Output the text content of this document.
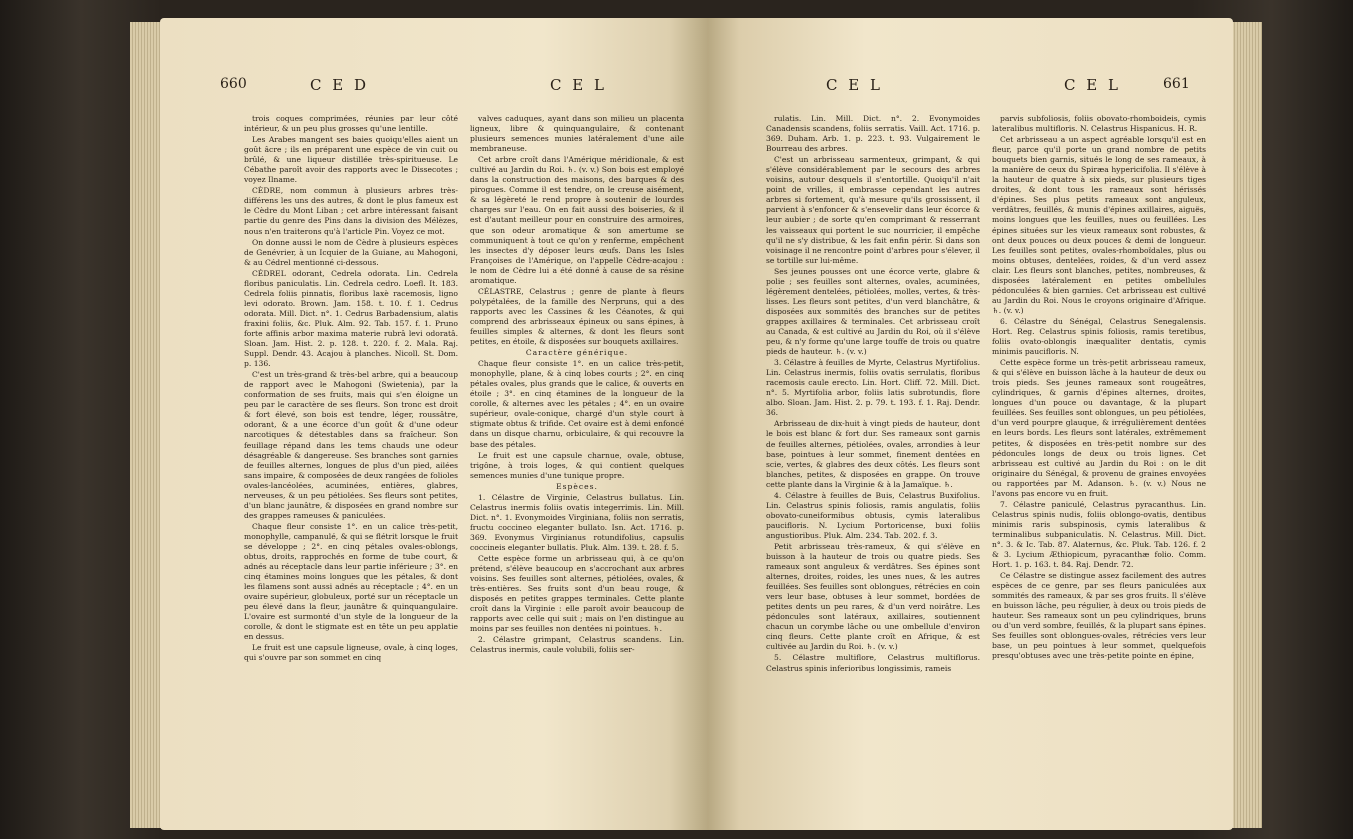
660	C E D	C E L

trois coques comprimées, réunies par leur côté intérieur, & un peu plus grosses qu'une lentille.

Les Arabes mangent ses baies quoiqu'elles aient un goût âcre ; ils en préparent une espèce de vin cuit ou brûlé, & une liqueur distillée très-spiritueuse. Le Cébathe paroît avoir des rapports avec le Dissecotes ; voyez Ilname.

CÈDRE, nom commun à plusieurs arbres très-différens les uns des autres, & dont le plus fameux est le Cèdre du Mont Liban ; cet arbre intéressant faisant partie du genre des Pins dans la division des Mélèzes, nous n'en traiterons qu'à l'article Pin. Voyez ce mot.

On donne aussi le nom de Cèdre à plusieurs espèces de Genévrier, à un Icquier de la Guiane, au Mahogoni, & au Cédrel mentionné ci-dessous.

CÉDREL odorant, Cedrela odorata. Lin. Cedrela floribus paniculatis. Lin. Cedrela cedro. Loefl. It. 183. Cedrela foliis pinnatis, floribus laxè racemosis, ligno levi odorato. Brown. Jam. 158. t. 10. f. 1. Cedrus odorata. Mill. Dict. n°. 1. Cedrus Barbadensium, alatis fraxini foliis, &c. Pluk. Alm. 92. Tab. 157. f. 1. Pruno forte affinis arbor maxima materie rubrâ levi odoratâ. Sloan. Jam. Hist. 2. p. 128. t. 220. f. 2. Mala. Raj. Suppl. Dendr. 43. Acajou à planches. Nicoll. St. Dom. p. 136.

C'est un très-grand & très-bel arbre, qui a beaucoup de rapport avec le Mahogoni (Swietenia), par la conformation de ses fruits, mais qui s'en éloigne un peu par le caractère de ses fleurs. Son tronc est droit & fort élevé, son bois est tendre, léger, roussâtre, odorant, & a une écorce d'un goût & d'une odeur narcotiques & détestables dans sa fraîcheur. Son feuillage répand dans les tems chauds une odeur désagréable & dangereuse. Ses branches sont garnies de feuilles alternes, longues de plus d'un pied, ailées sans impaire, & composées de deux rangées de folioles ovales-lancéolées, acuminées, entières, glabres, nerveuses, & un peu pétiolées. Ses fleurs sont petites, d'un blanc jaunâtre, & disposées en grand nombre sur des grappes rameuses & paniculées.

Chaque fleur consiste 1°. en un calice très-petit, monophylle, campanulé, & qui se flétrit lorsque le fruit se développe ; 2°. en cinq pétales ovales-oblongs, obtus, droits, rapprochés en forme de tube court, & adnés au réceptacle dans leur partie inférieure ; 3°. en cinq étamines moins longues que les pétales, & dont les filamens sont aussi adnés au réceptacle ; 4°. en un ovaire supérieur, globuleux, porté sur un réceptacle un peu élevé dans la fleur, jaunâtre & quinquangulaire. L'ovaire est surmonté d'un style de la longueur de la corolle, & dont le stigmate est en tête un peu applatie en dessus.

Le fruit est une capsule ligneuse, ovale, à cinq loges, qui s'ouvre par son sommet en cinq

valves caduques, ayant dans son milieu un placenta ligneux, libre & quinquangulaire, & contenant plusieurs semences munies latéralement d'une aile membraneuse.

Cet arbre croît dans l'Amérique méridionale, & est cultivé au Jardin du Roi. ♄. (v. v.) Son bois est employé dans la construction des maisons, des barques & des pirogues. Comme il est tendre, on le creuse aisément, & sa légèreté le rend propre à soutenir de lourdes charges sur l'eau. On en fait aussi des boiseries, & il est d'autant meilleur pour en construire des armoires, que son odeur aromatique & son amertume se communiquent à tout ce qu'on y renferme, empêchent les insectes d'y déposer leurs œufs. Dans les Isles Françoises de l'Amérique, on l'appelle Cèdre-acajou : le nom de Cèdre lui a été donné à cause de sa résine aromatique.

CÉLASTRE, Celastrus ; genre de plante à fleurs polypétalées, de la famille des Nerpruns, qui a des rapports avec les Cassines & les Céanotes, & qui comprend des arbrisseaux épineux ou sans épines, à feuilles simples & alternes, & dont les fleurs sont petites, en étoile, & disposées sur bouquets axillaires.

Caractère générique.

Chaque fleur consiste 1°. en un calice très-petit, monophylle, plane, & à cinq lobes courts ; 2°. en cinq pétales ovales, plus grands que le calice, & ouverts en étoile ; 3°. en cinq étamines de la longueur de la corolle, & alternes avec les pétales ; 4°. en un ovaire supérieur, ovale-conique, chargé d'un style court à stigmate obtus & trifide. Cet ovaire est à demi enfoncé dans un disque charnu, orbiculaire, & qui recouvre la base des pétales.

Le fruit est une capsule charnue, ovale, obtuse, trigône, à trois loges, & qui contient quelques semences munies d'une tunique propre.

Espèces.

1. Célastre de Virginie, Celastrus bullatus. Lin. Celastrus inermis foliis ovatis integerrimis. Lin. Mill. Dict. n°. 1. Evonymoides Virginiana, foliis non serratis, fructu coccineo eleganter bullato. Isn. Act. 1716. p. 369. Evonymus Virginianus rotundifolius, capsulis coccineis eleganter bullatis. Pluk. Alm. 139. t. 28. f. 5.

Cette espèce forme un arbrisseau qui, à ce qu'on prétend, s'élève beaucoup en s'accrochant aux arbres voisins. Ses feuilles sont alternes, pétiolées, ovales, & très-entières. Ses fruits sont d'un beau rouge, & disposés en petites grappes terminales. Cette plante croît dans la Virginie : elle paroît avoir beaucoup de rapports avec celle qui suit ; mais on l'en distingue au moins par ses feuilles non dentées ni pointues. ♄.

2. Célastre grimpant, Celastrus scandens. Lin. Celastrus inermis, caule volubili, foliis ser-

C E L	C E L	661

rulatis. Lin. Mill. Dict. n°. 2. Evonymoides Canadensis scandens, foliis serratis. Vaill. Act. 1716. p. 369. Duham. Arb. 1. p. 223. t. 93. Vulgairement le Bourreau des arbres.

C'est un arbrisseau sarmenteux, grimpant, & qui s'élève considérablement par le secours des arbres voisins, autour desquels il s'entortille. Quoiqu'il n'ait point de vrilles, il embrasse cependant les autres arbres si fortement, qu'à mesure qu'ils grossissent, il parvient à s'enfoncer & s'ensevelir dans leur écorce & leur aubier ; de sorte qu'en comprimant & resserrant les vaisseaux qui portent le suc nourricier, il empêche qu'il ne s'y distribue, & les fait enfin périr. Si dans son voisinage il ne rencontre point d'arbres pour s'élever, il se tortille sur lui-même.

Ses jeunes pousses ont une écorce verte, glabre & polie ; ses feuilles sont alternes, ovales, acuminées, légèrement dentelées, pétiolées, molles, vertes, & très-lisses. Les fleurs sont petites, d'un verd blanchâtre, & disposées aux sommités des branches sur de petites grappes axillaires & terminales. Cet arbrisseau croît au Canada, & est cultivé au Jardin du Roi, où il s'élève peu, & n'y forme qu'une large touffe de trois ou quatre pieds de hauteur. ♄. (v. v.)

3. Célastre à feuilles de Myrte, Celastrus Myrtifolius. Lin. Celastrus inermis, foliis ovatis serrulatis, floribus racemosis caule erecto. Lin. Hort. Cliff. 72. Mill. Dict. n°. 5. Myrtifolia arbor, foliis latis subrotundis, flore albo. Sloan. Jam. Hist. 2. p. 79. t. 193. f. 1. Raj. Dendr. 36.

Arbrisseau de dix-huit à vingt pieds de hauteur, dont le bois est blanc & fort dur. Ses rameaux sont garnis de feuilles alternes, pétiolées, ovales, arrondies à leur base, pointues à leur sommet, finement dentées en scie, vertes, & glabres des deux côtés. Les fleurs sont blanches, petites, & disposées en grappe. On trouve cette plante dans la Virginie & à la Jamaïque. ♄.

4. Célastre à feuilles de Buis, Celastrus Buxifolius. Lin. Celastrus spinis foliosis, ramis angulatis, foliis obovato-cuneiformibus obtusis, cymis lateralibus paucifloris. N. Lycium Portoricense, buxi foliis angustioribus. Pluk. Alm. 234. Tab. 202. f. 3.

Petit arbrisseau très-rameux, & qui s'élève en buisson à la hauteur de trois ou quatre pieds. Ses rameaux sont anguleux & verdâtres. Ses épines sont alternes, droites, roides, les unes nues, & les autres feuillées. Ses feuilles sont oblongues, rétrécies en coin vers leur base, obtuses à leur sommet, bordées de petites dents un peu rares, & d'un verd noirâtre. Les pédoncules sont latéraux, axillaires, soutiennent chacun un corymbe lâche ou une ombellule d'environ cinq fleurs. Cette plante croît en Afrique, & est cultivée au Jardin du Roi. ♄. (v. v.)

5. Célastre multiflore, Celastrus multiflorus. Celastrus spinis inferioribus longissimis, rameis

parvis subfoliosis, foliis obovato-rhomboideis, cymis lateralibus multifloris. N. Celastrus Hispanicus. H. R.

Cet arbrisseau a un aspect agréable lorsqu'il est en fleur, parce qu'il porte un grand nombre de petits bouquets bien garnis, situés le long de ses rameaux, à la manière de ceux du Spiræa hypericifolia. Il s'élève à la hauteur de quatre à six pieds, sur plusieurs tiges droites, & dont tous les rameaux sont hérissés d'épines. Ses plus petits rameaux sont anguleux, verdâtres, feuillés, & munis d'épines axillaires, aiguës, moins longues que les feuilles, nues ou feuillées. Les épines situées sur les vieux rameaux sont robustes, & ont deux pouces ou deux pouces & demi de longueur. Les feuilles sont petites, ovales-rhomboïdales, plus ou moins obtuses, dentelées, roides, & d'un verd assez clair. Les fleurs sont blanches, petites, nombreuses, & disposées latéralement en petites ombellules pédonculées & bien garnies. Cet arbrisseau est cultivé au Jardin du Roi. Nous le croyons originaire d'Afrique. ♄. (v. v.)

6. Célastre du Sénégal, Celastrus Senegalensis. Hort. Reg. Celastrus spinis foliosis, ramis teretibus, foliis ovato-oblongis inæqualiter dentatis, cymis minimis paucifloris. N.

Cette espèce forme un très-petit arbrisseau rameux, & qui s'élève en buisson lâche à la hauteur de deux ou trois pieds. Ses jeunes rameaux sont rougeâtres, cylindriques, & garnis d'épines alternes, droites, longues d'un pouce ou davantage, & la plupart feuillées. Ses feuilles sont oblongues, un peu pétiolées, d'un verd pourpre glauque, & irrégulièrement dentées en leurs bords. Les fleurs sont latérales, extrêmement petites, & disposées en très-petit nombre sur des pédoncules longs de deux ou trois lignes. Cet arbrisseau est cultivé au Jardin du Roi : on le dit originaire du Sénégal, & provenu de graines envoyées ou rapportées par M. Adanson. ♄. (v. v.) Nous ne l'avons pas encore vu en fruit.

7. Célastre paniculé, Celastrus pyracanthus. Lin. Celastrus spinis nudis, foliis oblongo-ovatis, dentibus minimis raris subspinosis, cymis lateralibus & terminalibus subpaniculatis. N. Celastrus. Mill. Dict. n°. 3. & Ic. Tab. 87. Alaternus, &c. Pluk. Tab. 126. f. 2 & 3. Lycium Æthiopicum, pyracanthæ folio. Comm. Hort. 1. p. 163. t. 84. Raj. Dendr. 72.

Ce Célastre se distingue assez facilement des autres espèces de ce genre, par ses fleurs paniculées aux sommités des rameaux, & par ses gros fruits. Il s'élève en buisson lâche, peu régulier, à deux ou trois pieds de hauteur. Ses rameaux sont un peu cylindriques, bruns ou d'un verd sombre, feuillés, & la plupart sans épines. Ses feuilles sont oblongues-ovales, rétrécies vers leur base, un peu pointues à leur sommet, quelquefois presqu'obtuses avec une très-petite pointe en épine,
